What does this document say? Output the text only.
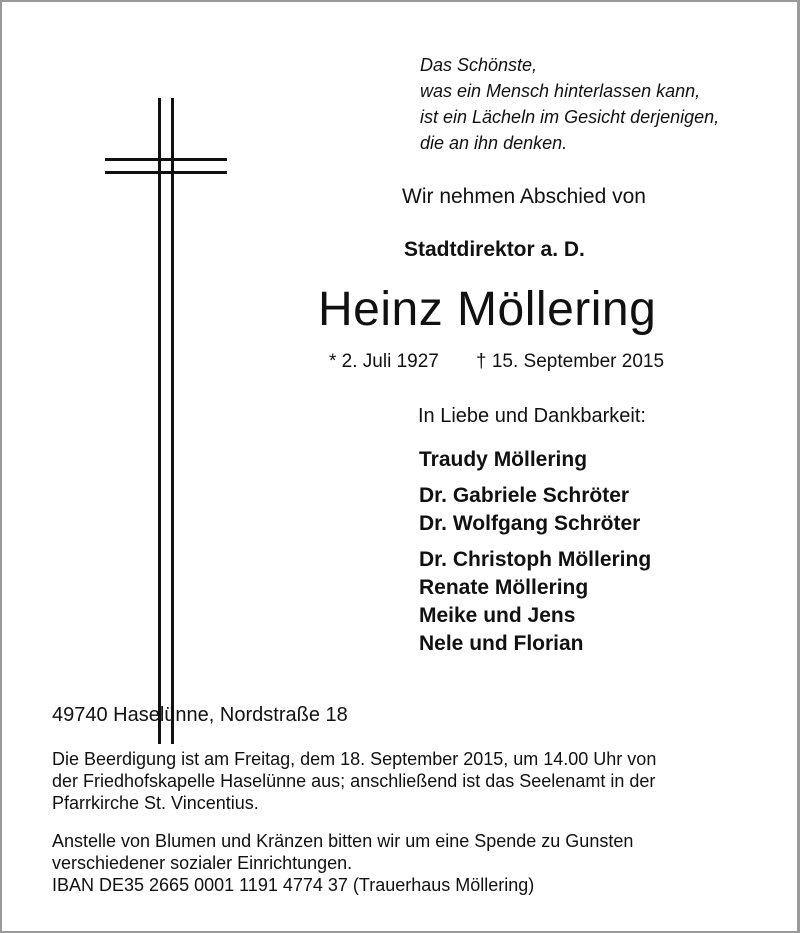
Das Schönste,
was ein Mensch hinterlassen kann,
ist ein Lächeln im Gesicht derjenigen,
die an ihn denken.
Wir nehmen Abschied von
Stadtdirektor a. D.
Heinz Möllering
* 2. Juli 1927 † 15. September 2015
In Liebe und Dankbarkeit:
Traudy Möllering
Dr. Gabriele Schröter
Dr. Wolfgang Schröter
Dr. Christoph Möllering
Renate Möllering
Meike und Jens
Nele und Florian
49740 Haselünne, Nordstraße 18
Die Beerdigung ist am Freitag, dem 18. September 2015, um 14.00 Uhr von
der Friedhofskapelle Haselünne aus; anschließend ist das Seelenamt in der
Pfarrkirche St. Vincentius.
Anstelle von Blumen und Kränzen bitten wir um eine Spende zu Gunsten
verschiedener sozialer Einrichtungen.
IBAN DE35 2665 0001 1191 4774 37 (Trauerhaus Möllering)
